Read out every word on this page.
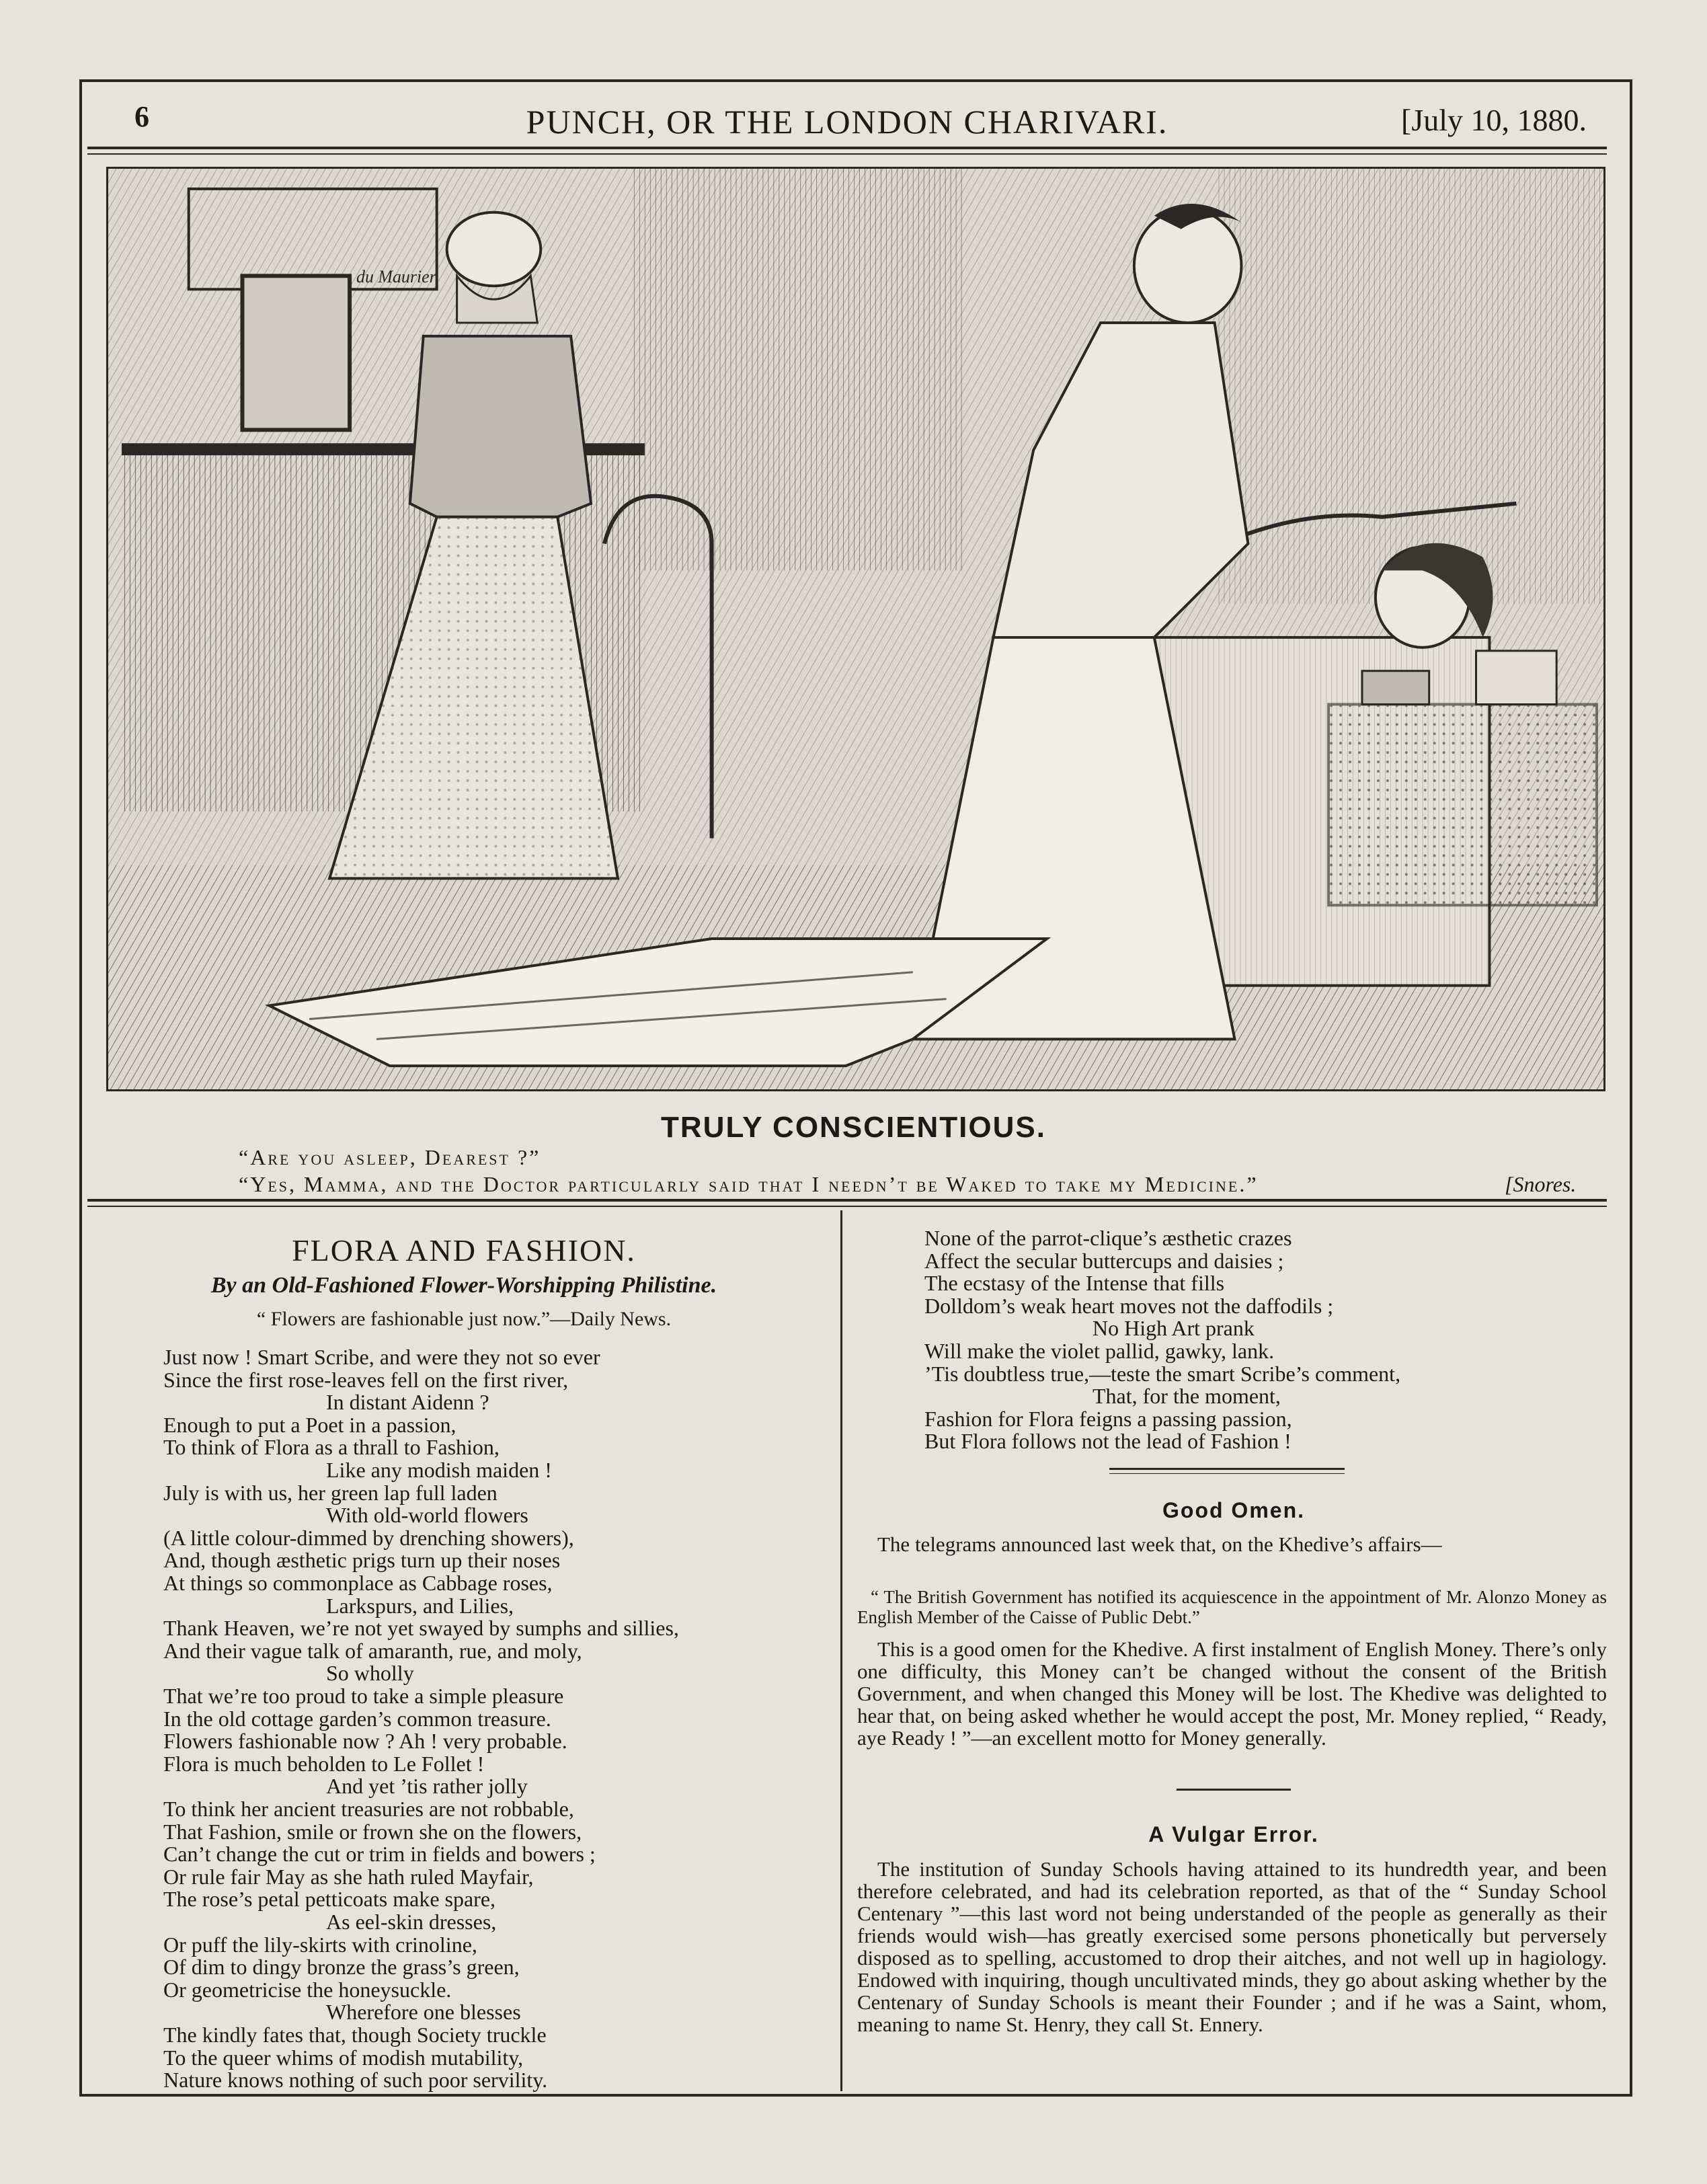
6	PUNCH, OR THE LONDON CHARIVARI.	[July 10, 1880.
du Maurier
TRULY CONSCIENTIOUS.
“Are you asleep, Dearest ?”
“Yes, Mamma, and the Doctor particularly said that I needn’t be Waked to take my Medicine.”	[Snores.
FLORA AND FASHION.
By an Old-Fashioned Flower-Worshipping Philistine.
“ Flowers are fashionable just now.”—Daily News.
Just now ! Smart Scribe, and were they not so ever
Since the first rose-leaves fell on the first river,
In distant Aidenn ?
Enough to put a Poet in a passion,
To think of Flora as a thrall to Fashion,
Like any modish maiden !
July is with us, her green lap full laden
With old-world flowers
(A little colour-dimmed by drenching showers),
And, though æsthetic prigs turn up their noses
At things so commonplace as Cabbage roses,
Larkspurs, and Lilies,
Thank Heaven, we’re not yet swayed by sumphs and sillies,
And their vague talk of amaranth, rue, and moly,
So wholly
That we’re too proud to take a simple pleasure
In the old cottage garden’s common treasure.
Flowers fashionable now ? Ah ! very probable.
Flora is much beholden to Le Follet !
And yet ’tis rather jolly
To think her ancient treasuries are not robbable,
That Fashion, smile or frown she on the flowers,
Can’t change the cut or trim in fields and bowers ;
Or rule fair May as she hath ruled Mayfair,
The rose’s petal petticoats make spare,
As eel-skin dresses,
Or puff the lily-skirts with crinoline,
Of dim to dingy bronze the grass’s green,
Or geometricise the honeysuckle.
Wherefore one blesses
The kindly fates that, though Society truckle
To the queer whims of modish mutability,
Nature knows nothing of such poor servility.
None of the parrot-clique’s æsthetic crazes
Affect the secular buttercups and daisies ;
The ecstasy of the Intense that fills
Dolldom’s weak heart moves not the daffodils ;
No High Art prank
Will make the violet pallid, gawky, lank.
’Tis doubtless true,—teste the smart Scribe’s comment,
That, for the moment,
Fashion for Flora feigns a passing passion,
But Flora follows not the lead of Fashion !
Good Omen.
The telegrams announced last week that, on the Khedive’s affairs—
“ The British Government has notified its acquiescence in the appointment of Mr. Alonzo Money as English Member of the Caisse of Public Debt.”
This is a good omen for the Khedive. A first instalment of English Money. There’s only one difficulty, this Money can’t be changed without the consent of the British Government, and when changed this Money will be lost. The Khedive was delighted to hear that, on being asked whether he would accept the post, Mr. Money replied, “ Ready, aye Ready ! ”—an excellent motto for Money generally.
A Vulgar Error.
The institution of Sunday Schools having attained to its hundredth year, and been therefore celebrated, and had its celebration reported, as that of the “ Sunday School Centenary ”—this last word not being understanded of the people as generally as their friends would wish—has greatly exercised some persons phonetically but perversely disposed as to spelling, accustomed to drop their aitches, and not well up in hagiology. Endowed with inquiring, though uncultivated minds, they go about asking whether by the Centenary of Sunday Schools is meant their Founder ; and if he was a Saint, whom, meaning to name St. Henry, they call St. Ennery.
